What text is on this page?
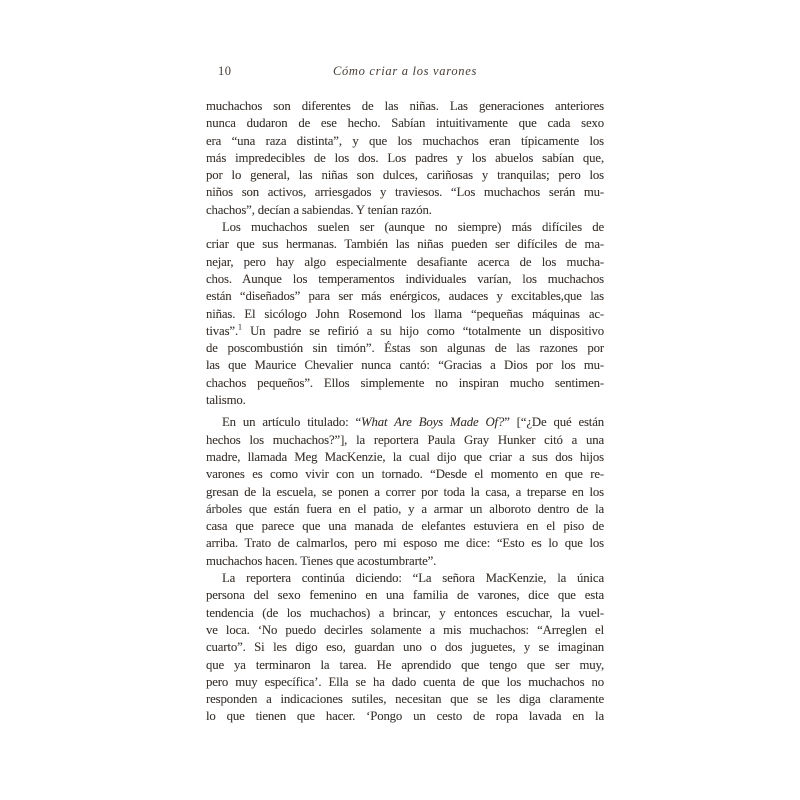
10	Cómo criar a los varones
muchachos son diferentes de las niñas. Las generaciones anteriores
nunca dudaron de ese hecho. Sabían intuitivamente que cada sexo
era “una raza distinta”, y que los muchachos eran típicamente los
más impredecibles de los dos. Los padres y los abuelos sabían que,
por lo general, las niñas son dulces, cariñosas y tranquilas; pero los
niños son activos, arriesgados y traviesos. “Los muchachos serán mu-
chachos”, decían a sabiendas. Y tenían razón.
Los muchachos suelen ser (aunque no siempre) más difíciles de
criar que sus hermanas. También las niñas pueden ser difíciles de ma-
nejar, pero hay algo especialmente desafiante acerca de los mucha-
chos. Aunque los temperamentos individuales varían, los muchachos
están “diseñados” para ser más enérgicos, audaces y excitables,que las
niñas. El sicólogo John Rosemond los llama “pequeñas máquinas ac-
tivas”.$^1$ Un padre se refirió a su hijo como “totalmente un dispositivo
de poscombustión sin timón”. Éstas son algunas de las razones por
las que Maurice Chevalier nunca cantó: “Gracias a Dios por los mu-
chachos pequeños”. Ellos simplemente no inspiran mucho sentimen-
talismo.
En un artículo titulado: “What Are Boys Made Of?” [“¿De qué están
hechos los muchachos?”], la reportera Paula Gray Hunker citó a una
madre, llamada Meg MacKenzie, la cual dijo que criar a sus dos hijos
varones es como vivir con un tornado. “Desde el momento en que re-
gresan de la escuela, se ponen a correr por toda la casa, a treparse en los
árboles que están fuera en el patio, y a armar un alboroto dentro de la
casa que parece que una manada de elefantes estuviera en el piso de
arriba. Trato de calmarlos, pero mi esposo me dice: “Esto es lo que los
muchachos hacen. Tienes que acostumbrarte”.
La reportera continúa diciendo: “La señora MacKenzie, la única
persona del sexo femenino en una familia de varones, dice que esta
tendencia (de los muchachos) a brincar, y entonces escuchar, la vuel-
ve loca. ‘No puedo decirles solamente a mis muchachos: “Arreglen el
cuarto”. Si les digo eso, guardan uno o dos juguetes, y se imaginan
que ya terminaron la tarea. He aprendido que tengo que ser muy,
pero muy específica’. Ella se ha dado cuenta de que los muchachos no
responden a indicaciones sutiles, necesitan que se les diga claramente
lo que tienen que hacer. ‘Pongo un cesto de ropa lavada en la
